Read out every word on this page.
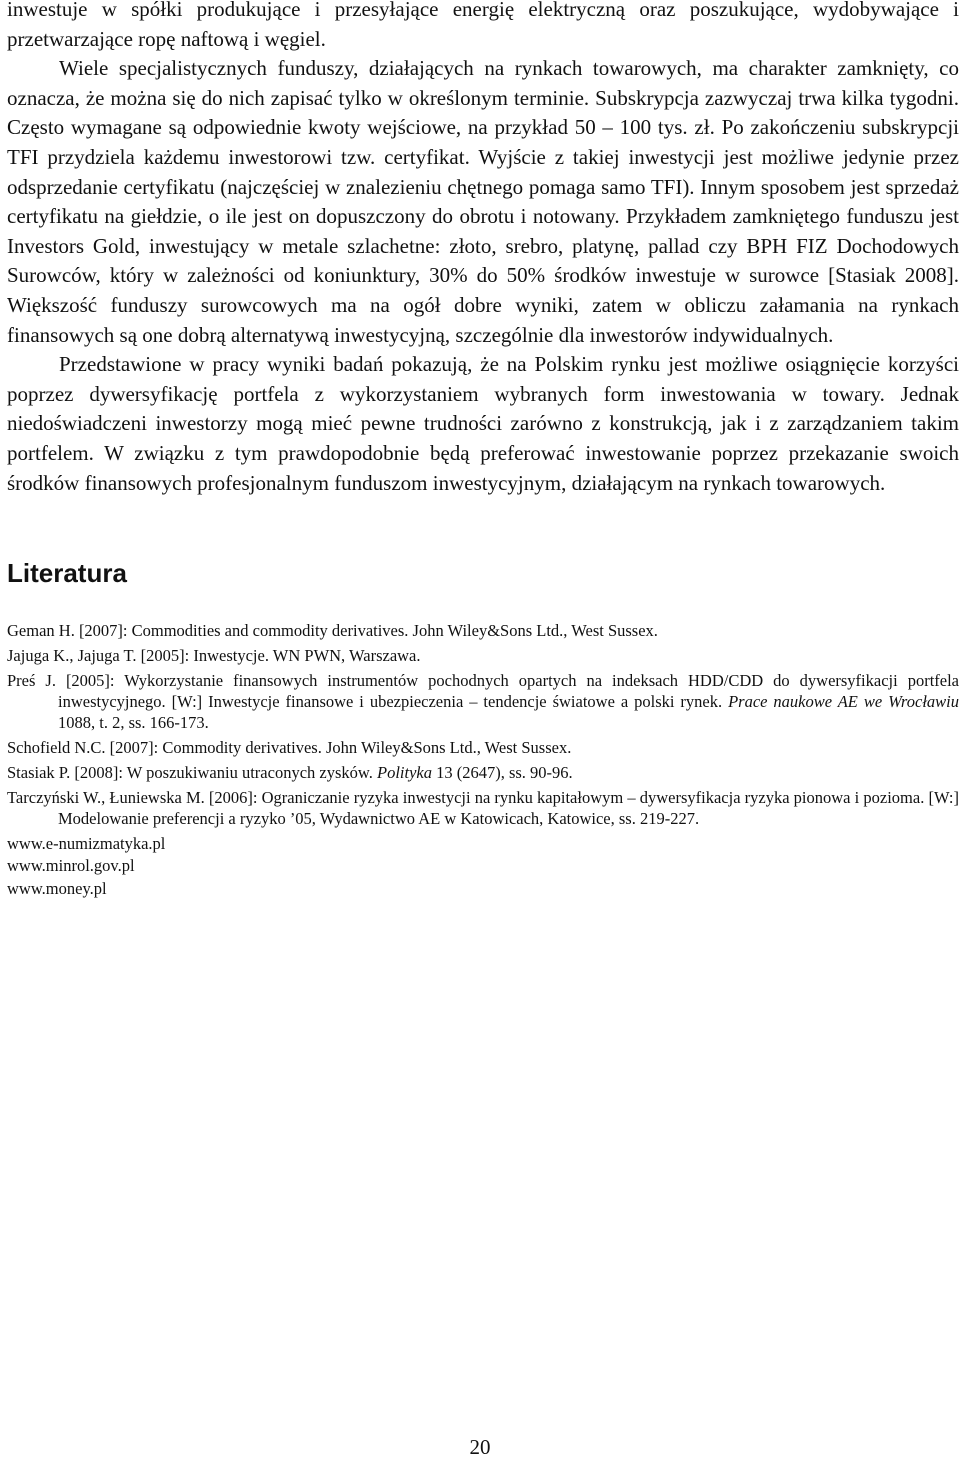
inwestuje w spółki produkujące i przesyłające energię elektryczną oraz poszukujące, wydobywające i przetwarzające ropę naftową i węgiel.

Wiele specjalistycznych funduszy, działających na rynkach towarowych, ma charakter zamknięty, co oznacza, że można się do nich zapisać tylko w określonym terminie. Subskrypcja zazwyczaj trwa kilka tygodni. Często wymagane są odpowiednie kwoty wejściowe, na przykład 50 – 100 tys. zł. Po zakończeniu subskrypcji TFI przydziela każdemu inwestorowi tzw. certyfikat. Wyjście z takiej inwestycji jest możliwe jedynie przez odsprzedanie certyfikatu (najczęściej w znalezieniu chętnego pomaga samo TFI). Innym sposobem jest sprzedaż certyfikatu na giełdzie, o ile jest on dopuszczony do obrotu i notowany. Przykładem zamkniętego funduszu jest Investors Gold, inwestujący w metale szlachetne: złoto, srebro, platynę, pallad czy BPH FIZ Dochodowych Surowców, który w zależności od koniunktury, 30% do 50% środków inwestuje w surowce [Stasiak 2008]. Większość funduszy surowcowych ma na ogół dobre wyniki, zatem w obliczu załamania na rynkach finansowych są one dobrą alternatywą inwestycyjną, szczególnie dla inwestorów indywidualnych.

Przedstawione w pracy wyniki badań pokazują, że na Polskim rynku jest możliwe osiągnięcie korzyści poprzez dywersyfikację portfela z wykorzystaniem wybranych form inwestowania w towary. Jednak niedoświadczeni inwestorzy mogą mieć pewne trudności zarówno z konstrukcją, jak i z zarządzaniem takim portfelem. W związku z tym prawdopodobnie będą preferować inwestowanie poprzez przekazanie swoich środków finansowych profesjonalnym funduszom inwestycyjnym, działającym na rynkach towarowych.

Literatura
Geman H. [2007]: Commodities and commodity derivatives. John Wiley&Sons Ltd., West Sussex.
Jajuga K., Jajuga T. [2005]: Inwestycje. WN PWN, Warszawa.
Preś J. [2005]: Wykorzystanie finansowych instrumentów pochodnych opartych na indeksach HDD/CDD do dywersyfikacji portfela inwestycyjnego. [W:] Inwestycje finansowe i ubezpieczenia – tendencje światowe a polski rynek. Prace naukowe AE we Wrocławiu 1088, t. 2, ss. 166-173.
Schofield N.C. [2007]: Commodity derivatives. John Wiley&Sons Ltd., West Sussex.
Stasiak P. [2008]: W poszukiwaniu utraconych zysków. Polityka 13 (2647), ss. 90-96.
Tarczyński W., Łuniewska M. [2006]: Ograniczanie ryzyka inwestycji na rynku kapitałowym – dywersyfikacja ryzyka pionowa i pozioma. [W:] Modelowanie preferencji a ryzyko ’05, Wydawnictwo AE w Katowicach, Katowice, ss. 219-227.
www.e-numizmatyka.pl
www.minrol.gov.pl
www.money.pl
20
